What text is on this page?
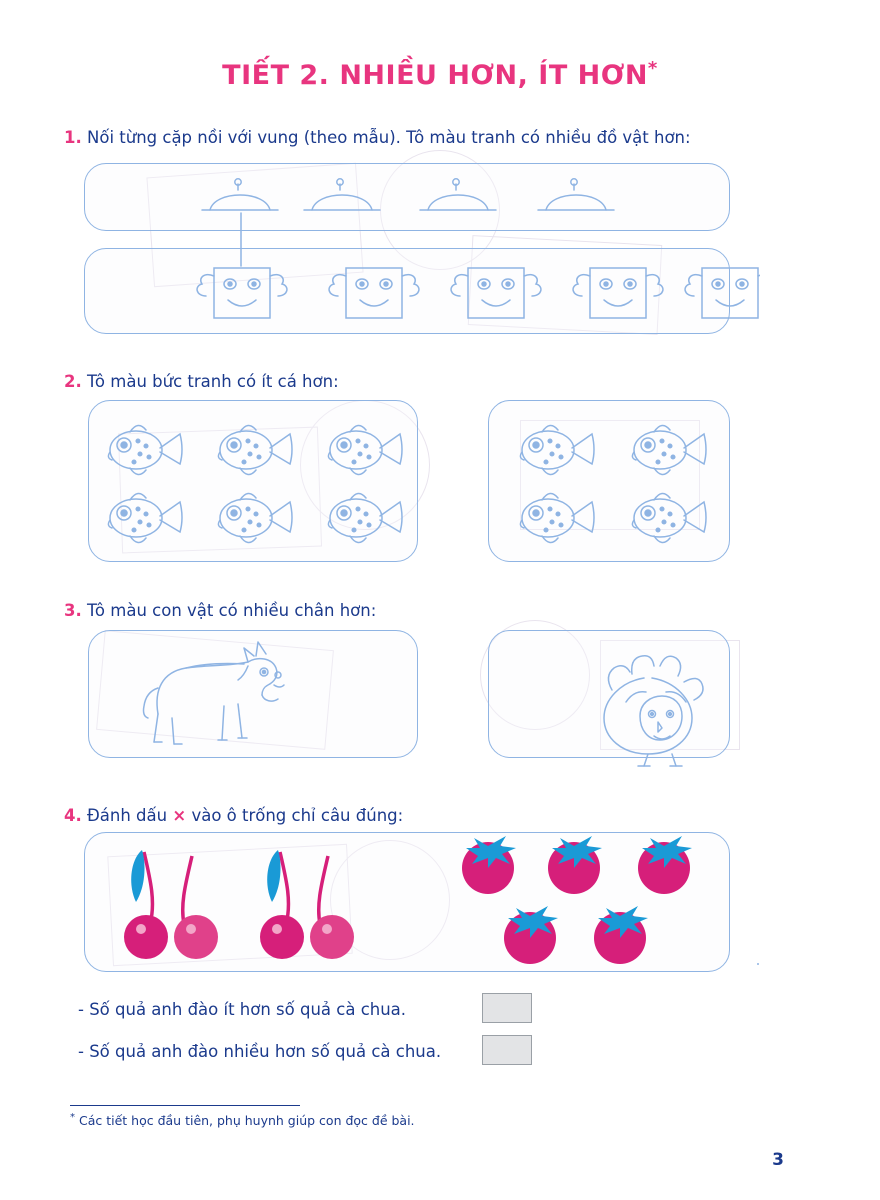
TIẾT 2. NHIỀU HƠN, ÍT HƠN*
1. Nối từng cặp nồi với vung (theo mẫu). Tô màu tranh có nhiều đồ vật hơn:
2. Tô màu bức tranh có ít cá hơn:
3. Tô màu con vật có nhiều chân hơn:
4. Đánh dấu × vào ô trống chỉ câu đúng:
- Số quả anh đào ít hơn số quả cà chua.
- Số quả anh đào nhiều hơn số quả cà chua.
* Các tiết học đầu tiên, phụ huynh giúp con đọc đề bài.
3
